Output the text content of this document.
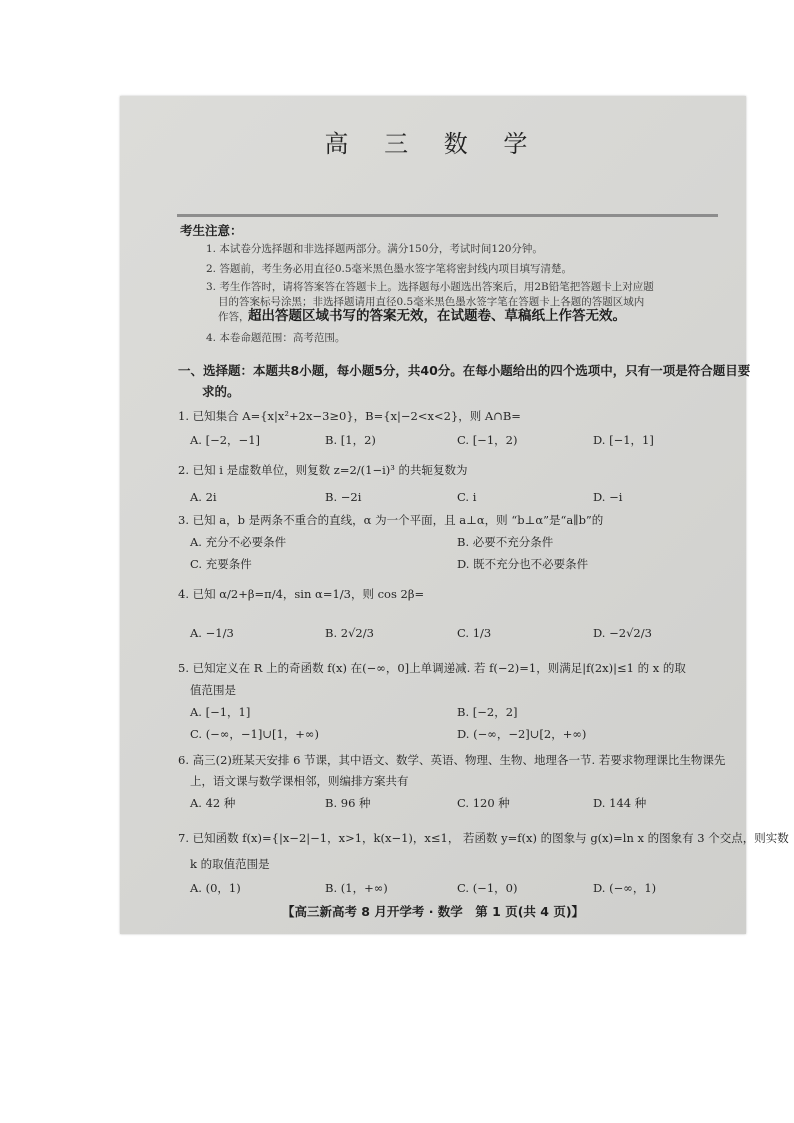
高 三 数 学
考生注意：
1. 本试卷分选择题和非选择题两部分。满分150分，考试时间120分钟。
2. 答题前，考生务必用直径0.5毫米黑色墨水签字笔将密封线内项目填写清楚。
3. 考生作答时，请将答案答在答题卡上。选择题每小题选出答案后，用2B铅笔把答题卡上对应题
目的答案标号涂黑；非选择题请用直径0.5毫米黑色墨水签字笔在答题卡上各题的答题区域内
作答，
超出答题区域书写的答案无效，在试题卷、草稿纸上作答无效。
4. 本卷命题范围：高考范围。
一、选择题：本题共8小题，每小题5分，共40分。在每小题给出的四个选项中，只有一项是符合题目要
求的。
1. 已知集合 A={x|x²+2x−3≥0}，B={x|−2<x<2}，则 A∩B=
A. [−2，−1]	B. [1，2)	C. [−1，2)	D. [−1，1]
2. 已知 i 是虚数单位，则复数 z=2/(1−i)³ 的共轭复数为
A. 2i	B. −2i	C. i	D. −i
3. 已知 a，b 是两条不重合的直线，α 为一个平面，且 a⊥α，则 “b⊥α”是“a∥b”的
A. 充分不必要条件	B. 必要不充分条件
C. 充要条件	D. 既不充分也不必要条件
4. 已知 α/2+β=π/4，sin α=1/3，则 cos 2β=
A. −1/3	B. 2√2/3	C. 1/3	D. −2√2/3
5. 已知定义在 R 上的奇函数 f(x) 在(−∞，0]上单调递减. 若 f(−2)=1，则满足|f(2x)|≤1 的 x 的取
值范围是
A. [−1，1]	B. [−2，2]
C. (−∞，−1]∪[1，+∞)	D. (−∞，−2]∪[2，+∞)
6. 高三(2)班某天安排 6 节课，其中语文、数学、英语、物理、生物、地理各一节. 若要求物理课比生物课先
上，语文课与数学课相邻，则编排方案共有
A. 42 种	B. 96 种	C. 120 种	D. 144 种
7. 已知函数 f(x)={|x−2|−1，x>1，k(x−1)，x≤1， 若函数 y=f(x) 的图象与 g(x)=ln x 的图象有 3 个交点，则实数
k 的取值范围是
A. (0，1)	B. (1，+∞)	C. (−1，0)	D. (−∞，1)
【高三新高考 8 月开学考 · 数学　第 1 页(共 4 页)】
